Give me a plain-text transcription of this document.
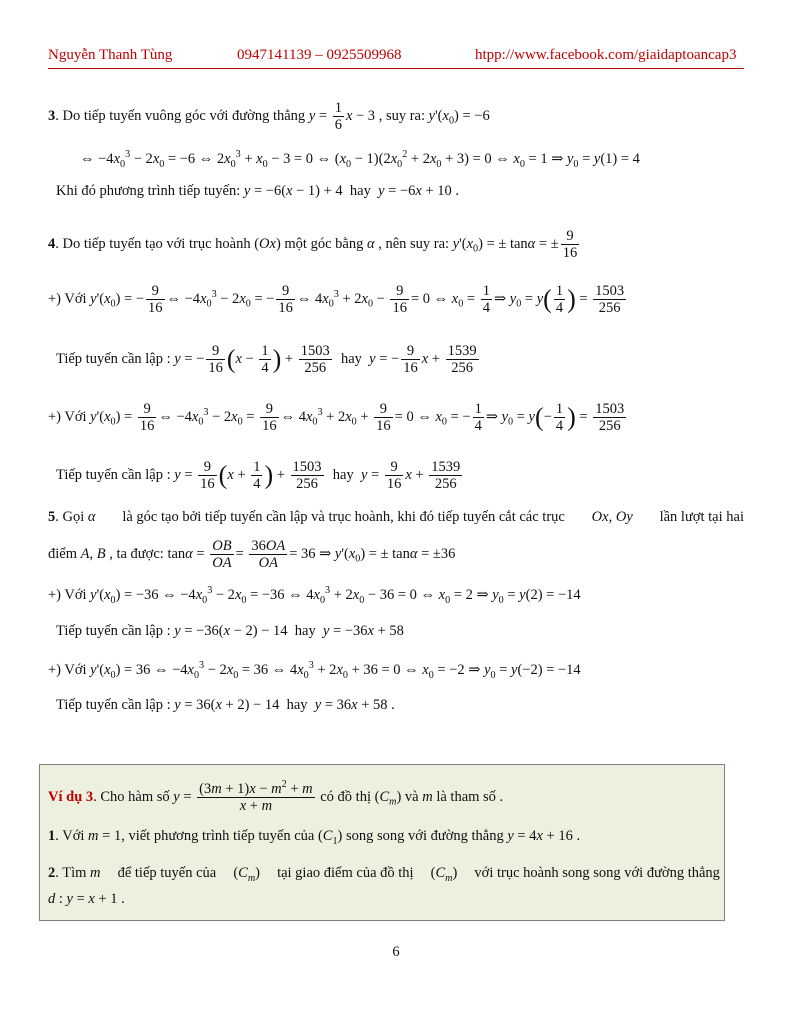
Nguyễn Thanh Tùng	0947141139 – 0925509968	htpp://www.facebook.com/giaidaptoancap3
3. Do tiếp tuyến vuông góc với đường thẳng $y = \frac{1}{6}$ x − 3 , suy ra: $y'(x_0) = -6$
⇔ $-4x_0^3 - 2x_0 = -6$ ⇔ $2x_0^3 + x_0 - 3 = 0$ ⇔ $(x_0 - 1)(2x_0^2 + 2x_0 + 3) = 0$ ⇔ $x_0 = 1$ ⇒ $y_0 = y(1) = 4$
Khi đó phương trình tiếp tuyến: y = −6(x − 1) + 4  hay y = −6x + 10 .
4. Do tiếp tuyến tạo với trục hoành (Ox) một góc bằng α , nên suy ra: $y'(x_0)$ = ± tanα = ± $\frac{9}{16}$
+) Với $y'(x_0)$ = − $\frac{9}{16}$ ⇔ $-4x_0^3 - 2x_0$ = − $\frac{9}{16}$ ⇔ $4x_0^3 + 2x_0 - \frac{9}{16} = 0$ ⇔ $x_0 = \frac{1}{4}$ ⇒ $y_0 = y( \frac{1}{4}$ ) = $\frac{1503}{256}$
Tiếp tuyến cần lập : y = − $\frac{9}{16} (x - \frac{1}{4}$ ) + $\frac{1503}{256}$ hay y = − $\frac{9}{16}$ $x + \frac{1539}{256}$
+) Với $y'(x_0) = \frac{9}{16}$ ⇔ $-4x_0^3 - 2x_0 = \frac{9}{16}$ ⇔ $4x_0^3 + 2x_0 + \frac{9}{16} = 0$ ⇔ $x_0$ = − $\frac{1}{4}$ ⇒ $y_0 = y(- \frac{1}{4}$ ) = $\frac{1503}{256}$
Tiếp tuyến cần lập : $y = \frac{9}{16} (x + \frac{1}{4}$ ) + $\frac{1503}{256}$ hay $y = \frac{9}{16}$ $x + \frac{1539}{256}$
5. Gọi α là góc tạo bởi tiếp tuyến cần lập và trục hoành, khi đó tiếp tuyến cắt các trục Ox, Oy lần lượt tại hai
điểm A, B , ta được: $\tan\alpha = \frac{OB}{OA} = \frac{36OA}{OA} = 36$ ⇒ $y'(x_0)$ = ± tanα = ±36
+) Với $y'(x_0) = -36$ ⇔ $-4x_0^3 - 2x_0 = -36$ ⇔ $4x_0^3 + 2x_0 - 36 = 0$ ⇔ $x_0 = 2$ ⇒ $y_0 = y(2) = -14$
Tiếp tuyến cần lập : y = −36(x − 2) − 14  hay y = −36x + 58
+) Với $y'(x_0) = 36$ ⇔ $-4x_0^3 - 2x_0 = 36$ ⇔ $4x_0^3 + 2x_0 + 36 = 0$ ⇔ $x_0 = -2$ ⇒ $y_0 = y(-2) = -14$
Tiếp tuyến cần lập : y = 36(x + 2) − 14  hay y = 36x + 58 .
Ví dụ 3. Cho hàm số $y = \frac{(3m + 1)x - m^2 + m}{x + m}$ có đồ thị $(C_m)$ và m là tham số .
1. Với m = 1, viết phương trình tiếp tuyến của $(C_1)$ song song với đường thẳng y = 4x + 16 .
2. Tìm m để tiếp tuyến của $(C_m)$ tại giao điểm của đồ thị $(C_m)$ với trục hoành song song với đường thẳng
d : y = x + 1 .
6
